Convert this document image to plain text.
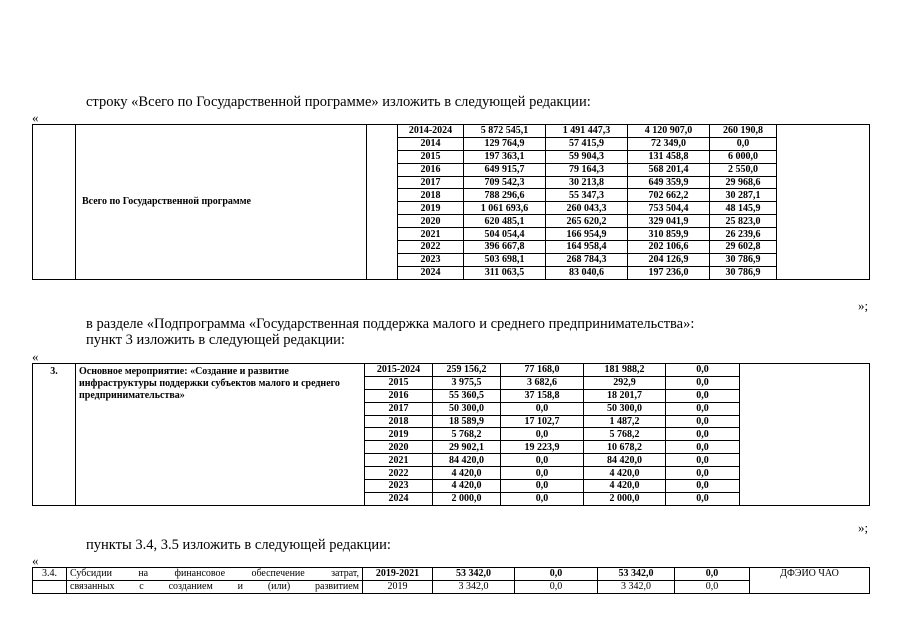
строку «Всего по Государственной программе» изложить в следующей редакции:
«
	Всего по Государственной программе		2014-2024	5 872 545,1	1 491 447,3	4 120 907,0	260 190,8	
			2014	129 764,9	57 415,9	72 349,0	0,0	
			2015	197 363,1	59 904,3	131 458,8	6 000,0	
			2016	649 915,7	79 164,3	568 201,4	2 550,0	
			2017	709 542,3	30 213,8	649 359,9	29 968,6	
			2018	788 296,6	55 347,3	702 662,2	30 287,1	
			2019	1 061 693,6	260 043,3	753 504,4	48 145,9	
			2020	620 485,1	265 620,2	329 041,9	25 823,0	
			2021	504 054,4	166 954,9	310 859,9	26 239,6	
			2022	396 667,8	164 958,4	202 106,6	29 602,8	
			2023	503 698,1	268 784,3	204 126,9	30 786,9	
			2024	311 063,5	83 040,6	197 236,0	30 786,9	
»;
в разделе «Подпрограмма «Государственная поддержка малого и среднего предпринимательства»:
пункт 3 изложить в следующей редакции:
«
3.	Основное мероприятие: «Создание и развитие инфраструктуры поддержки субъектов малого и среднего предпринимательства»	2015-2024	259 156,2	77 168,0	181 988,2	0,0	
		2015	3 975,5	3 682,6	292,9	0,0	
		2016	55 360,5	37 158,8	18 201,7	0,0	
		2017	50 300,0	0,0	50 300,0	0,0	
		2018	18 589,9	17 102,7	1 487,2	0,0	
		2019	5 768,2	0,0	5 768,2	0,0	
		2020	29 902,1	19 223,9	10 678,2	0,0	
		2021	84 420,0	0,0	84 420,0	0,0	
		2022	4 420,0	0,0	4 420,0	0,0	
		2023	4 420,0	0,0	4 420,0	0,0	
		2024	2 000,0	0,0	2 000,0	0,0	
»;
пункты 3.4, 3.5 изложить в следующей редакции:
«
3.4.	Субсидии на финансовое обеспечение затрат,	2019-2021	53 342,0	0,0	53 342,0	0,0	ДФЭИО ЧАО
	связанных с созданием и (или) развитием	2019	3 342,0	0,0	3 342,0	0,0	
